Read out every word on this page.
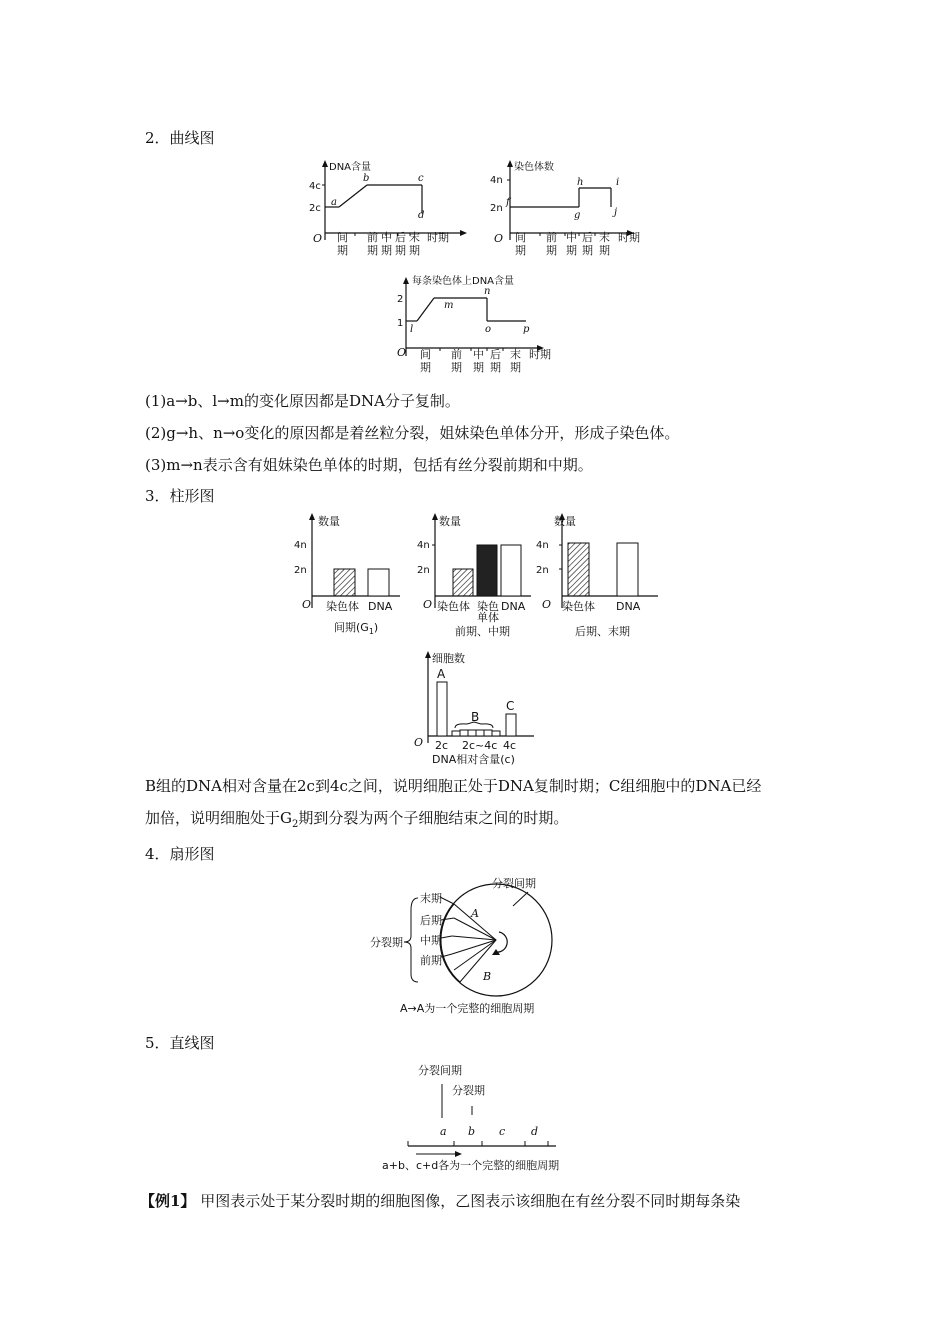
2．曲线图
DNA含量
4c
2c
O
a
b	c
d
间
期
前
期
中
期
后
期
末
期
时期
染色体数
4n
2n
O
f
g
h	i
j
间
期
前
期
中
期
后
期
末
期
时期
每条染色体上DNA含量
2
1
O
l
m
n
o	p
间
期
前
期
中
期
后
期
末
期
时期
(1)a→b、l→m的变化原因都是DNA分子复制。
(2)g→h、n→o变化的原因都是着丝粒分裂，姐妹染色单体分开，形成子染色体。
(3)m→n表示含有姐妹染色单体的时期，包括有丝分裂前期和中期。
3．柱形图
数量
4n
2n
O 染色体 DNA
间期$(G_1)$
数量
4n
2n
O 染色体 染色
单体
DNA
前期、中期
数量
4n
2n
O 染色体 DNA
后期、末期
细胞数
O
A
B
C
2c 2c~4c 4c
DNA相对含量(c)
B组的DNA相对含量在2c到4c之间，说明细胞正处于DNA复制时期；C组细胞中的DNA已经
加倍，说明细胞处于$G_2$期到分裂为两个子细胞结束之间的时期。
4．扇形图
分裂间期
分裂期
末期
后期
中期
前期
A
B
A→A为一个完整的细胞周期
5．直线图
分裂间期
分裂期
a b c d
a+b、c+d各为一个完整的细胞周期
【例1】 甲图表示处于某分裂时期的细胞图像，乙图表示该细胞在有丝分裂不同时期每条染
